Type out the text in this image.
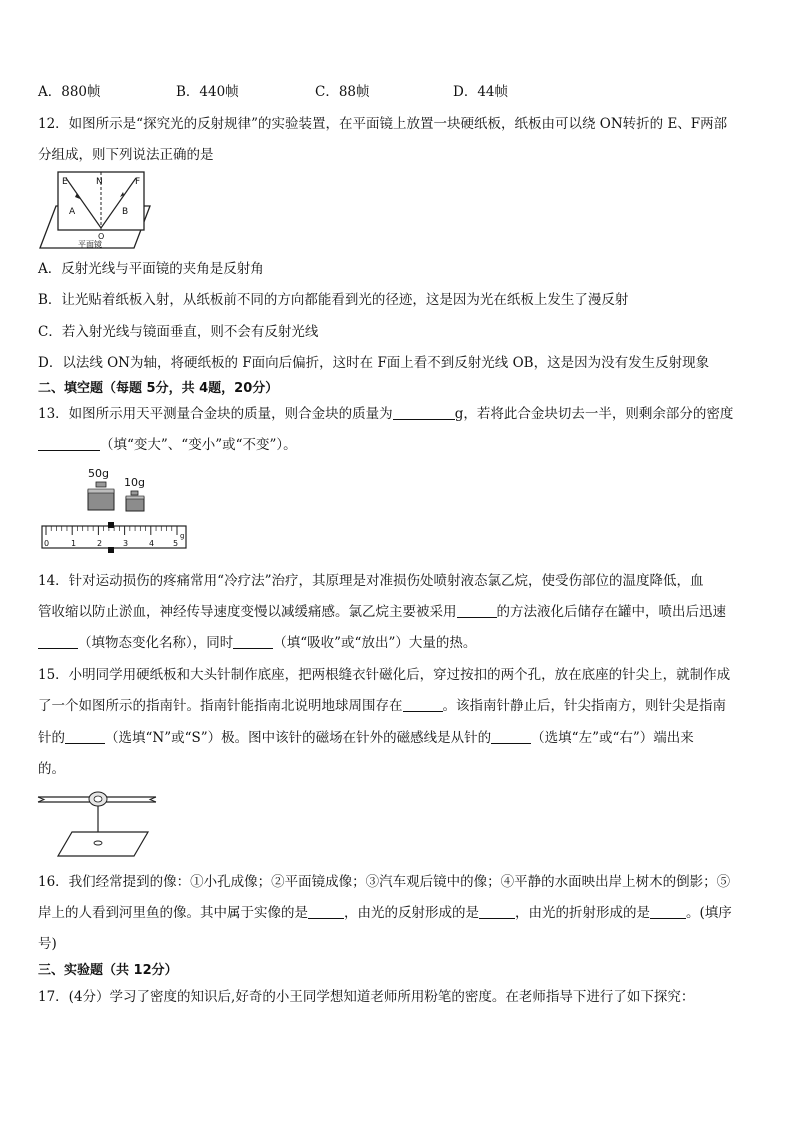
A．880帧	B．440帧	C．88帧	D．44帧
12．如图所示是“探究光的反射规律”的实验装置，在平面镜上放置一块硬纸板，纸板由可以绕 ON转折的 E、F两部
分组成，则下列说法正确的是
E	N	F
A	B
O
平面镜
A．反射光线与平面镜的夹角是反射角
B．让光贴着纸板入射，从纸板前不同的方向都能看到光的径迹，这是因为光在纸板上发生了漫反射
C．若入射光线与镜面垂直，则不会有反射光线
D．以法线 ON为轴，将硬纸板的 F面向后偏折，这时在 F面上看不到反射光线 OB，这是因为没有发生反射现象
二、填空题（每题 5分，共 4题，20分）
13．如图所示用天平测量合金块的质量，则合金块的质量为	g，若将此合金块切去一半，则剩余部分的密度
（填“变大”、“变小”或“不变”）。
50g
10g
0	1	2	3	4 5
g
14．针对运动损伤的疼痛常用“冷疗法”治疗，其原理是对准损伤处喷射液态氯乙烷，使受伤部位的温度降低，血
管收缩以防止淤血，神经传导速度变慢以减缓痛感。氯乙烷主要被采用	的方法液化后储存在罐中，喷出后迅速
（填物态变化名称），同时	（填“吸收”或“放出”）大量的热。
15．小明同学用硬纸板和大头针制作底座，把两根缝衣针磁化后，穿过按扣的两个孔，放在底座的针尖上，就制作成
了一个如图所示的指南针。指南针能指南北说明地球周围存在	。该指南针静止后，针尖指南方，则针尖是指南
针的	（选填“N”或“S”）极。图中该针的磁场在针外的磁感线是从针的	（选填“左”或“右”）端出来
的。
16．我们经常提到的像：①小孔成像；②平面镜成像；③汽车观后镜中的像；④平静的水面映出岸上树木的倒影；⑤
岸上的人看到河里鱼的像。其中属于实像的是	，由光的反射形成的是	，由光的折射形成的是	。(填序
号)
三、实验题（共 12分）
17．(4分）学习了密度的知识后,好奇的小王同学想知道老师所用粉笔的密度。在老师指导下进行了如下探究：
